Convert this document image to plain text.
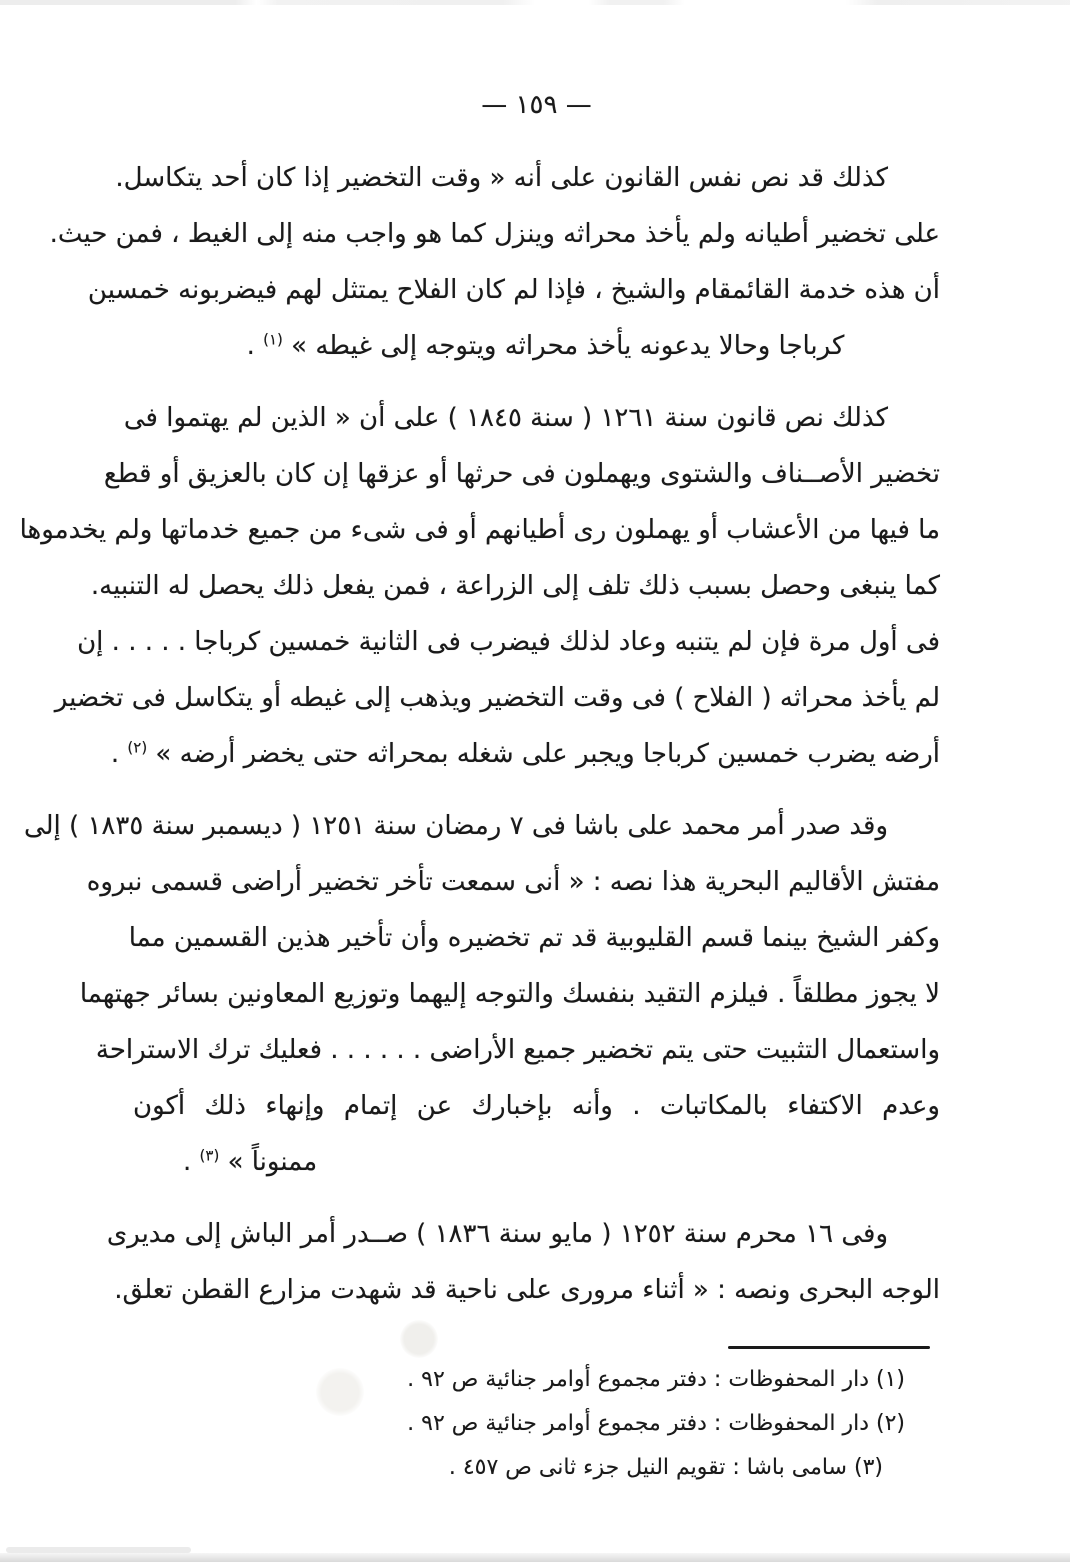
— ١٥٩ —
كذلك قد نص نفس القانون على أنه « وقت التخضير إذا كان أحد يتكاسل.
على تخضير أطيانه ولم يأخذ محراثه وينزل كما هو واجب منه إلى الغيط ، فمن حيث.
أن هذه خدمة القائمقام والشيخ ، فإذا لم كان الفلاح يمتثل لهم فيضربونه خمسين
كرباجا وحالا يدعونه يأخذ محراثه ويتوجه إلى غيطه » $^{(١)}$ .
كذلك نص قانون سنة ١٢٦١ ( سنة ١٨٤٥ ) على أن « الذين لم يهتموا فى
تخضير الأصــناف والشتوى ويهملون فى حرثها أو عزقها إن كان بالعزيق أو قطع
ما فيها من الأعشاب أو يهملون رى أطيانهم أو فى شىء من جميع خدماتها ولم يخدموها
كما ينبغى وحصل بسبب ذلك تلف إلى الزراعة ، فمن يفعل ذلك يحصل له التنبيه.
فى أول مرة فإن لم يتنبه وعاد لذلك فيضرب فى الثانية خمسين كرباجا . . . . . إن
لم يأخذ محراثه ( الفلاح ) فى وقت التخضير ويذهب إلى غيطه أو يتكاسل فى تخضير
أرضه يضرب خمسين كرباجا ويجبر على شغله بمحراثه حتى يخضر أرضه » $^{(٢)}$ .
وقد صدر أمر محمد على باشا فى ٧ رمضان سنة ١٢٥١ ( ديسمبر سنة ١٨٣٥ ) إلى
مفتش الأقاليم البحرية هذا نصه : « أنى سمعت تأخر تخضير أراضى قسمى نبروه
وكفر الشيخ بينما قسم القليوبية قد تم تخضيره وأن تأخير هذين القسمين مما
لا يجوز مطلقاً . فيلزم التقيد بنفسك والتوجه إليهما وتوزيع المعاونين بسائر جهتهما
واستعمال التثبيت حتى يتم تخضير جميع الأراضى . . . . . . فعليك ترك الاستراحة
وعدم الاكتفاء بالمكاتبات . وأنه بإخبارك عن إتمام وإنهاء ذلك أكون
ممنوناً » $^{(٣)}$ .
وفى ١٦ محرم سنة ١٢٥٢ ( مايو سنة ١٨٣٦ ) صــدر أمر الباش إلى مديرى
الوجه البحرى ونصه : « أثناء مرورى على ناحية قد شهدت مزارع القطن تعلق.
(١) دار المحفوظات : دفتر مجموع أوامر جنائية ص ٩٢ .
(٢) دار المحفوظات : دفتر مجموع أوامر جنائية ص ٩٢ .
(٣) سامى باشا : تقويم النيل جزء ثانى ص ٤٥٧ .
